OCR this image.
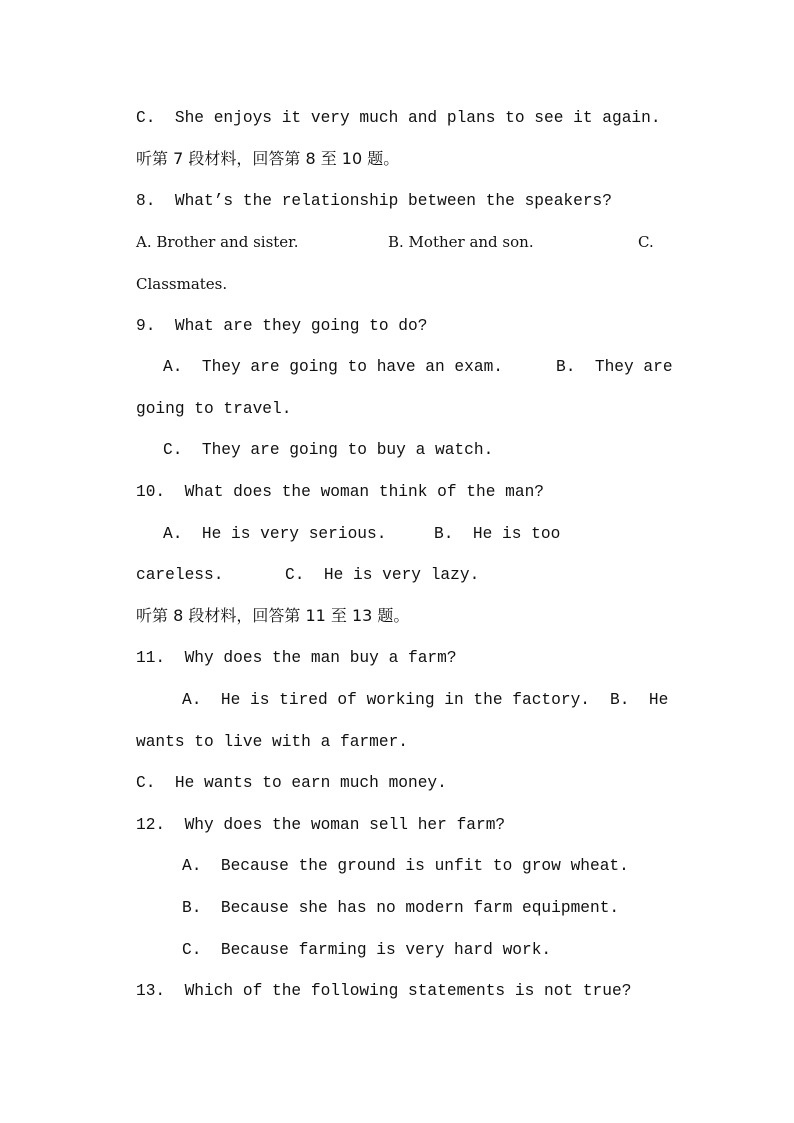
C.  She enjoys it very much and plans to see it again.
听第 7 段材料，回答第 8 至 10 题。
8.  What’s the relationship between the speakers?

A. Brother and sister.

	B. Mother and son.

	C.

Classmates.
9.  What are they going to do?

A.  They are going to have an exam.

	B.  They are

going to travel.
C.  They are going to buy a watch.
10.  What does the woman think of the man?

A.  He is very serious.

	B.  He is too

careless.

	C.  He is very lazy.

听第 8 段材料，回答第 11 至 13 题。
11.  Why does the man buy a farm?

A.  He is tired of working in the factory.

B.  He

wants to live with a farmer.
C.  He wants to earn much money.
12.  Why does the woman sell her farm?
A.  Because the ground is unfit to grow wheat.
B.  Because she has no modern farm equipment.
C.  Because farming is very hard work.
13.  Which of the following statements is not true?
